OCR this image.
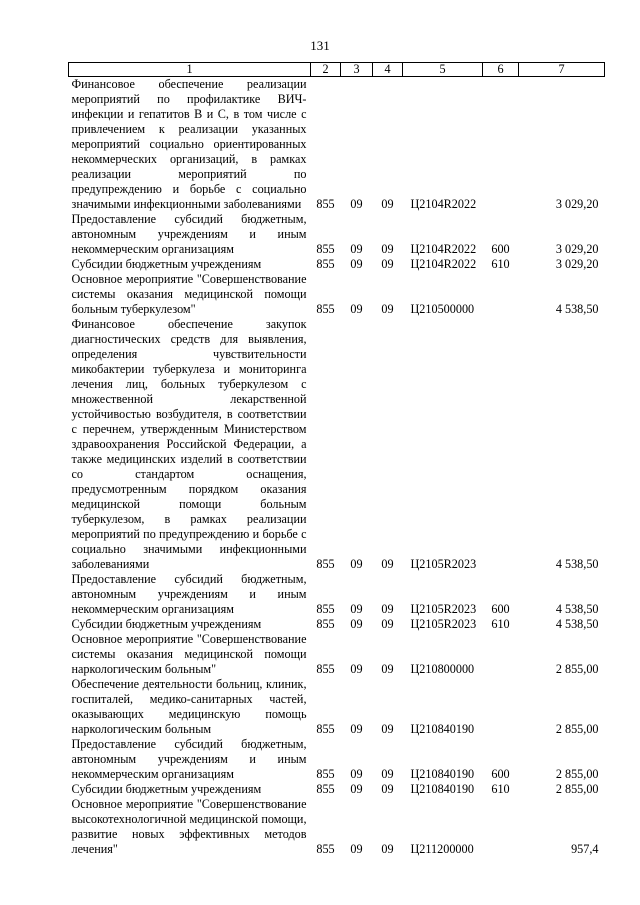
131
1	2	3	4	5	6	7
Финансовое обеспечение реализации мероприятий по профилактике ВИЧ-инфекции и гепатитов В и С, в том числе с привлечением к реализации указанных мероприятий социально ориентированных некоммерческих организаций, в рамках реализации мероприятий по предупреждению и борьбе с социально значимыми инфекционными заболеваниями	855	09	09	Ц2104R2022		3 029,20
Предоставление субсидий бюджетным, автономным учреждениям и иным некоммерческим организациям	855	09	09	Ц2104R2022	600	3 029,20
Субсидии бюджетным учреждениям	855	09	09	Ц2104R2022	610	3 029,20
Основное мероприятие "Совершенствование системы оказания медицинской помощи больным туберкулезом"	855	09	09	Ц210500000		4 538,50
Финансовое обеспечение закупок диагностических средств для выявления, определения чувствительности микобактерии туберкулеза и мониторинга лечения лиц, больных туберкулезом с множественной лекарственной устойчивостью возбудителя, в соответствии с перечнем, утвержденным Министерством здравоохранения Российской Федерации, а также медицинских изделий в соответствии со стандартом оснащения, предусмотренным порядком оказания медицинской помощи больным туберкулезом, в рамках реализации мероприятий по предупреждению и борьбе с социально значимыми инфекционными заболеваниями	855	09	09	Ц2105R2023		4 538,50
Предоставление субсидий бюджетным, автономным учреждениям и иным некоммерческим организациям	855	09	09	Ц2105R2023	600	4 538,50
Субсидии бюджетным учреждениям	855	09	09	Ц2105R2023	610	4 538,50
Основное мероприятие "Совершенствование системы оказания медицинской помощи наркологическим больным"	855	09	09	Ц210800000		2 855,00
Обеспечение деятельности больниц, клиник, госпиталей, медико-санитарных частей, оказывающих медицинскую помощь наркологическим больным	855	09	09	Ц210840190		2 855,00
Предоставление субсидий бюджетным, автономным учреждениям и иным некоммерческим организациям	855	09	09	Ц210840190	600	2 855,00
Субсидии бюджетным учреждениям	855	09	09	Ц210840190	610	2 855,00
Основное мероприятие "Совершенствование высокотехнологичной медицинской помощи, развитие новых эффективных методов лечения"	855	09	09	Ц211200000		957,4
